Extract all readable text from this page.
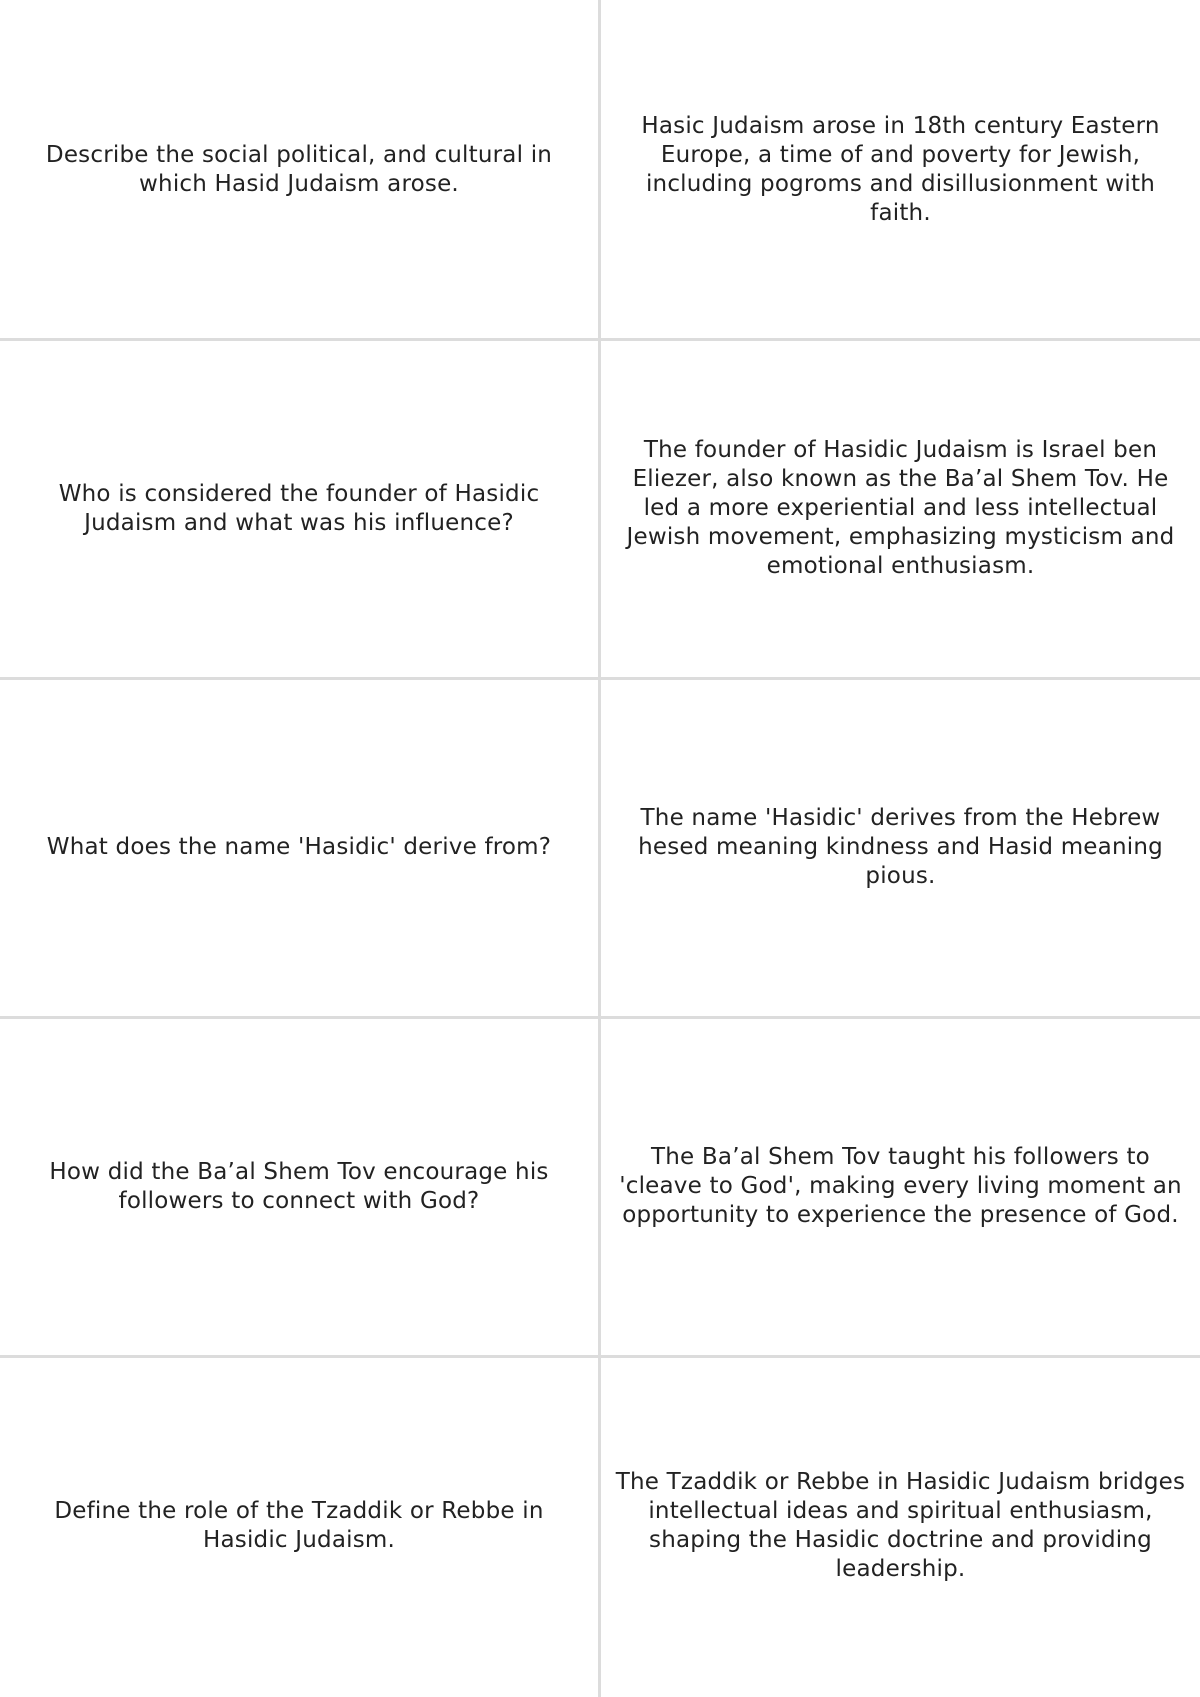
Describe the social political, and cultural in which Hasid Judaism arose.
Hasic Judaism arose in 18th century Eastern Europe, a time of and poverty for Jewish, including pogroms and disillusionment with faith.
Who is considered the founder of Hasidic Judaism and what was his influence?
The founder of Hasidic Judaism is Israel ben Eliezer, also known as the Ba’al Shem Tov. He led a more experiential and less intellectual Jewish movement, emphasizing mysticism and emotional enthusiasm.
What does the name 'Hasidic' derive from?
The name 'Hasidic' derives from the Hebrew hesed meaning kindness and Hasid meaning pious.
How did the Ba’al Shem Tov encourage his followers to connect with God?
The Ba’al Shem Tov taught his followers to 'cleave to God', making every living moment an opportunity to experience the presence of God.
Define the role of the Tzaddik or Rebbe in Hasidic Judaism.
The Tzaddik or Rebbe in Hasidic Judaism bridges intellectual ideas and spiritual enthusiasm, shaping the Hasidic doctrine and providing leadership.
